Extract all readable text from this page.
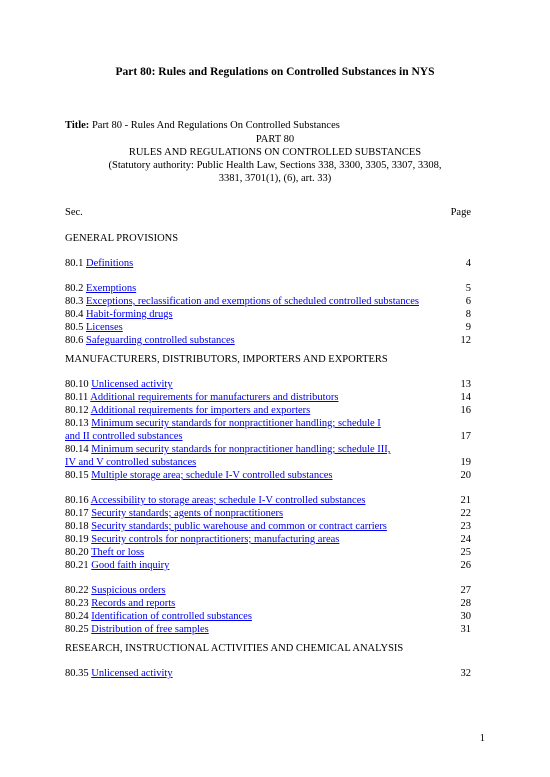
Part 80: Rules and Regulations on Controlled Substances in NYS
Title: Part 80 - Rules And Regulations On Controlled Substances
PART 80
RULES AND REGULATIONS ON CONTROLLED SUBSTANCES
(Statutory authority: Public Health Law, Sections 338, 3300, 3305, 3307, 3308,
3381, 3701(1), (6), art. 33)
Sec.	Page
GENERAL PROVISIONS
80.1 Definitions	4
80.2 Exemptions	5
80.3 Exceptions, reclassification and exemptions of scheduled controlled substances	6
80.4 Habit-forming drugs	8
80.5 Licenses	9
80.6 Safeguarding controlled substances	12
MANUFACTURERS, DISTRIBUTORS, IMPORTERS AND EXPORTERS
80.10 Unlicensed activity	13
80.11 Additional requirements for manufacturers and distributors	14
80.12 Additional requirements for importers and exporters	16
80.13 Minimum security standards for nonpractitioner handling; schedule I
and II controlled substances	17
80.14 Minimum security standards for nonpractitioner handling; schedule III,
IV and V controlled substances	19
80.15 Multiple storage area; schedule I-V controlled substances	20
80.16 Accessibility to storage areas; schedule I-V controlled substances	21
80.17 Security standards; agents of nonpractitioners	22
80.18 Security standards; public warehouse and common or contract carriers	23
80.19 Security controls for nonpractitioners; manufacturing areas	24
80.20 Theft or loss	25
80.21 Good faith inquiry	26
80.22 Suspicious orders	27
80.23 Records and reports	28
80.24 Identification of controlled substances	30
80.25 Distribution of free samples	31
RESEARCH, INSTRUCTIONAL ACTIVITIES AND CHEMICAL ANALYSIS
80.35 Unlicensed activity	32
1
